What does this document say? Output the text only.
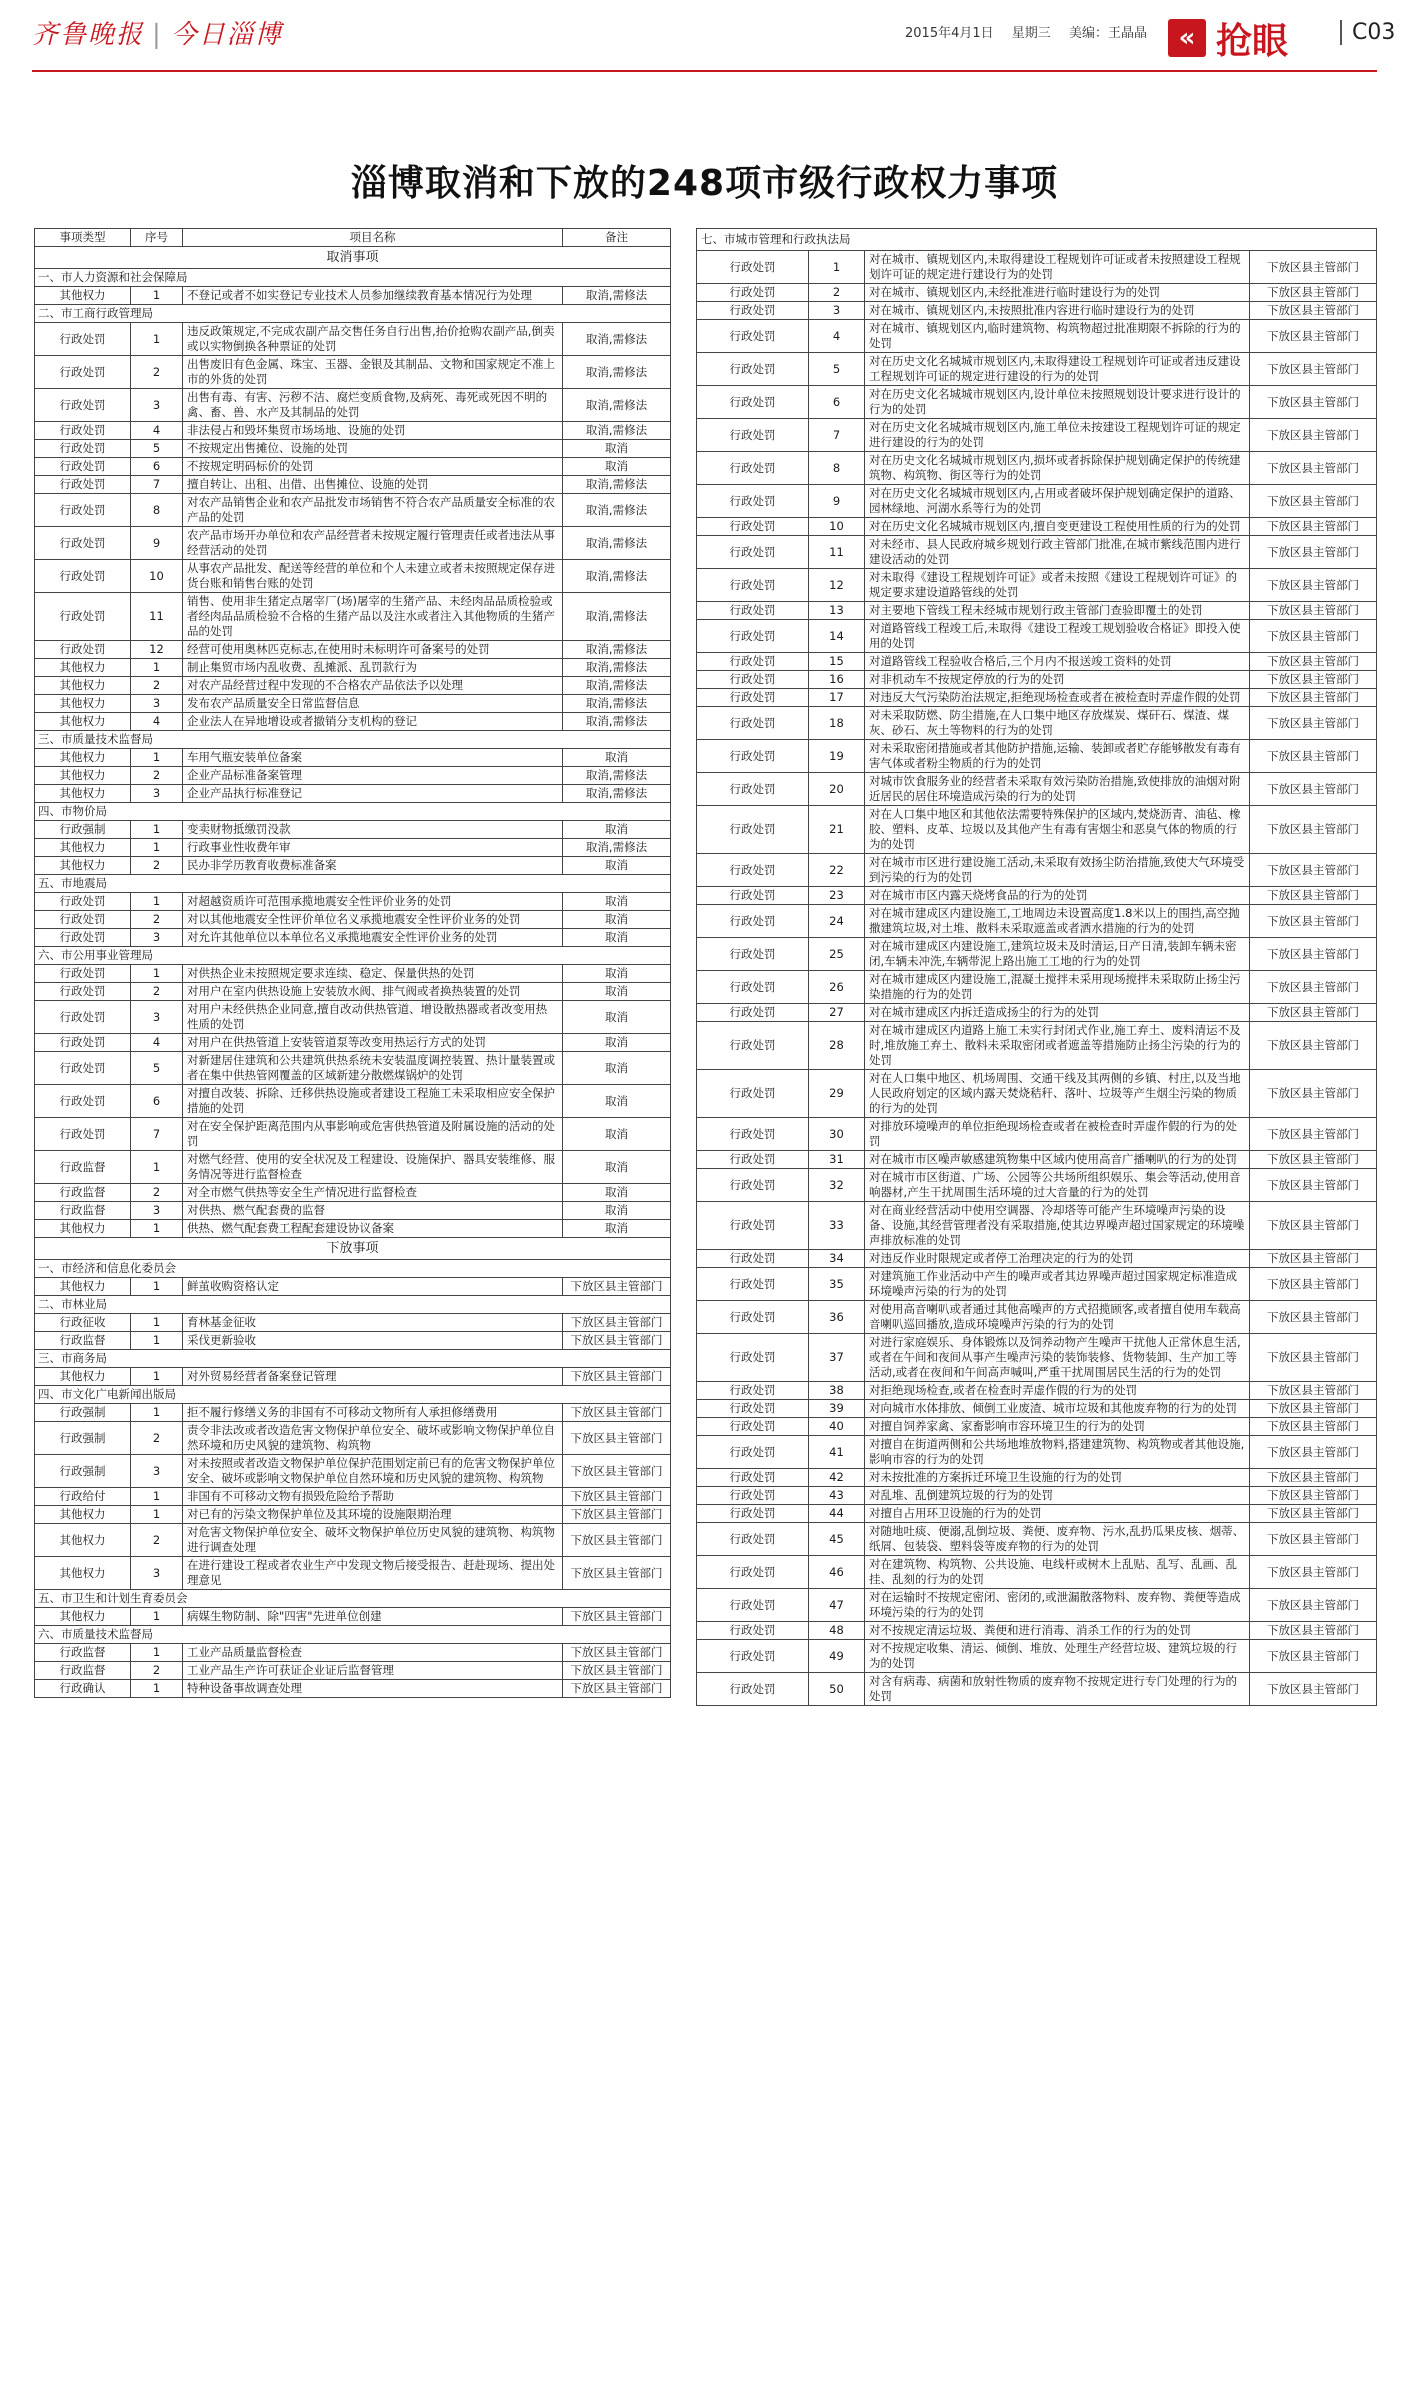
齐鲁晚报 | 今日淄博	2015年4月1日 星期三 美编：王晶晶	« 抢眼	C03
淄博取消和下放的248项市级行政权力事项
事项类型	序号	项目名称	备注
取消事项			
一、市人力资源和社会保障局			
其他权力	1	不登记或者不如实登记专业技术人员参加继续教育基本情况行为处理	取消,需修法
二、市工商行政管理局			
行政处罚	1	违反政策规定,不完成农副产品交售任务自行出售,抬价抢购农副产品,倒卖或以实物倒换各种票证的处罚	取消,需修法
行政处罚	2	出售废旧有色金属、珠宝、玉器、金银及其制品、文物和国家规定不准上市的外货的处罚	取消,需修法
行政处罚	3	出售有毒、有害、污秽不洁、腐烂变质食物,及病死、毒死或死因不明的禽、畜、兽、水产及其制品的处罚	取消,需修法
行政处罚	4	非法侵占和毁坏集贸市场场地、设施的处罚	取消,需修法
行政处罚	5	不按规定出售摊位、设施的处罚	取消
行政处罚	6	不按规定明码标价的处罚	取消
行政处罚	7	擅自转让、出租、出借、出售摊位、设施的处罚	取消,需修法
行政处罚	8	对农产品销售企业和农产品批发市场销售不符合农产品质量安全标准的农产品的处罚	取消,需修法
行政处罚	9	农产品市场开办单位和农产品经营者未按规定履行管理责任或者违法从事经营活动的处罚	取消,需修法
行政处罚	10	从事农产品批发、配送等经营的单位和个人未建立或者未按照规定保存进货台账和销售台账的处罚	取消,需修法
行政处罚	11	销售、使用非生猪定点屠宰厂(场)屠宰的生猪产品、未经肉品品质检验或者经肉品品质检验不合格的生猪产品以及注水或者注入其他物质的生猪产品的处罚	取消,需修法
行政处罚	12	经营可使用奥林匹克标志,在使用时未标明许可备案号的处罚	取消,需修法
其他权力	1	制止集贸市场内乱收费、乱摊派、乱罚款行为	取消,需修法
其他权力	2	对农产品经营过程中发现的不合格农产品依法予以处理	取消,需修法
其他权力	3	发布农产品质量安全日常监督信息	取消,需修法
其他权力	4	企业法人在异地增设或者撤销分支机构的登记	取消,需修法
三、市质量技术监督局			
其他权力	1	车用气瓶安装单位备案	取消
其他权力	2	企业产品标准备案管理	取消,需修法
其他权力	3	企业产品执行标准登记	取消,需修法
四、市物价局			
行政强制	1	变卖财物抵缴罚没款	取消
其他权力	1	行政事业性收费年审	取消,需修法
其他权力	2	民办非学历教育收费标准备案	取消
五、市地震局			
行政处罚	1	对超越资质许可范围承揽地震安全性评价业务的处罚	取消
行政处罚	2	对以其他地震安全性评价单位名义承揽地震安全性评价业务的处罚	取消
行政处罚	3	对允许其他单位以本单位名义承揽地震安全性评价业务的处罚	取消
六、市公用事业管理局			
行政处罚	1	对供热企业未按照规定要求连续、稳定、保量供热的处罚	取消
行政处罚	2	对用户在室内供热设施上安装放水阀、排气阀或者换热装置的处罚	取消
行政处罚	3	对用户未经供热企业同意,擅自改动供热管道、增设散热器或者改变用热性质的处罚	取消
行政处罚	4	对用户在供热管道上安装管道泵等改变用热运行方式的处罚	取消
行政处罚	5	对新建居住建筑和公共建筑供热系统未安装温度调控装置、热计量装置或者在集中供热管网覆盖的区域新建分散燃煤锅炉的处罚	取消
行政处罚	6	对擅自改装、拆除、迁移供热设施或者建设工程施工未采取相应安全保护措施的处罚	取消
行政处罚	7	对在安全保护距离范围内从事影响或危害供热管道及附属设施的活动的处罚	取消
行政监督	1	对燃气经营、使用的安全状况及工程建设、设施保护、器具安装维修、服务情况等进行监督检查	取消
行政监督	2	对全市燃气供热等安全生产情况进行监督检查	取消
行政监督	3	对供热、燃气配套费的监督	取消
其他权力	1	供热、燃气配套费工程配套建设协议备案	取消
下放事项			
一、市经济和信息化委员会			
其他权力	1	鲜茧收购资格认定	下放区县主管部门
二、市林业局			
行政征收	1	育林基金征收	下放区县主管部门
行政监督	1	采伐更新验收	下放区县主管部门
三、市商务局			
其他权力	1	对外贸易经营者备案登记管理	下放区县主管部门
四、市文化广电新闻出版局			
行政强制	1	拒不履行修缮义务的非国有不可移动文物所有人承担修缮费用	下放区县主管部门
行政强制	2	责令非法改或者改造危害文物保护单位安全、破坏或影响文物保护单位自然环境和历史风貌的建筑物、构筑物	下放区县主管部门
行政强制	3	对未按照或者改造文物保护单位保护范围划定前已有的危害文物保护单位安全、破坏或影响文物保护单位自然环境和历史风貌的建筑物、构筑物	下放区县主管部门
行政给付	1	非国有不可移动文物有损毁危险给予帮助	下放区县主管部门
其他权力	1	对已有的污染文物保护单位及其环境的设施限期治理	下放区县主管部门
其他权力	2	对危害文物保护单位安全、破坏文物保护单位历史风貌的建筑物、构筑物进行调查处理	下放区县主管部门
其他权力	3	在进行建设工程或者农业生产中发现文物后接受报告、赶赴现场、提出处理意见	下放区县主管部门
五、市卫生和计划生育委员会			
其他权力	1	病媒生物防制、除"四害"先进单位创建	下放区县主管部门
六、市质量技术监督局			
行政监督	1	工业产品质量监督检查	下放区县主管部门
行政监督	2	工业产品生产许可获证企业证后监督管理	下放区县主管部门
行政确认	1	特种设备事故调查处理	下放区县主管部门
七、市城市管理和行政执法局			
行政处罚	1	对在城市、镇规划区内,未取得建设工程规划许可证或者未按照建设工程规划许可证的规定进行建设行为的处罚	下放区县主管部门
行政处罚	2	对在城市、镇规划区内,未经批准进行临时建设行为的处罚	下放区县主管部门
行政处罚	3	对在城市、镇规划区内,未按照批准内容进行临时建设行为的处罚	下放区县主管部门
行政处罚	4	对在城市、镇规划区内,临时建筑物、构筑物超过批准期限不拆除的行为的处罚	下放区县主管部门
行政处罚	5	对在历史文化名城城市规划区内,未取得建设工程规划许可证或者违反建设工程规划许可证的规定进行建设的行为的处罚	下放区县主管部门
行政处罚	6	对在历史文化名城城市规划区内,设计单位未按照规划设计要求进行设计的行为的处罚	下放区县主管部门
行政处罚	7	对在历史文化名城城市规划区内,施工单位未按建设工程规划许可证的规定进行建设的行为的处罚	下放区县主管部门
行政处罚	8	对在历史文化名城城市规划区内,损坏或者拆除保护规划确定保护的传统建筑物、构筑物、街区等行为的处罚	下放区县主管部门
行政处罚	9	对在历史文化名城城市规划区内,占用或者破坏保护规划确定保护的道路、园林绿地、河湖水系等行为的处罚	下放区县主管部门
行政处罚	10	对在历史文化名城城市规划区内,擅自变更建设工程使用性质的行为的处罚	下放区县主管部门
行政处罚	11	对未经市、县人民政府城乡规划行政主管部门批准,在城市紫线范围内进行建设活动的处罚	下放区县主管部门
行政处罚	12	对未取得《建设工程规划许可证》或者未按照《建设工程规划许可证》的规定要求建设道路管线的处罚	下放区县主管部门
行政处罚	13	对主要地下管线工程未经城市规划行政主管部门查验即覆土的处罚	下放区县主管部门
行政处罚	14	对道路管线工程竣工后,未取得《建设工程竣工规划验收合格证》即投入使用的处罚	下放区县主管部门
行政处罚	15	对道路管线工程验收合格后,三个月内不报送竣工资料的处罚	下放区县主管部门
行政处罚	16	对非机动车不按规定停放的行为的处罚	下放区县主管部门
行政处罚	17	对违反大气污染防治法规定,拒绝现场检查或者在被检查时弄虚作假的处罚	下放区县主管部门
行政处罚	18	对未采取防燃、防尘措施,在人口集中地区存放煤炭、煤矸石、煤渣、煤灰、砂石、灰土等物料的行为的处罚	下放区县主管部门
行政处罚	19	对未采取密闭措施或者其他防护措施,运输、装卸或者贮存能够散发有毒有害气体或者粉尘物质的行为的处罚	下放区县主管部门
行政处罚	20	对城市饮食服务业的经营者未采取有效污染防治措施,致使排放的油烟对附近居民的居住环境造成污染的行为的处罚	下放区县主管部门
行政处罚	21	对在人口集中地区和其他依法需要特殊保护的区域内,焚烧沥青、油毡、橡胶、塑料、皮革、垃圾以及其他产生有毒有害烟尘和恶臭气体的物质的行为的处罚	下放区县主管部门
行政处罚	22	对在城市市区进行建设施工活动,未采取有效扬尘防治措施,致使大气环境受到污染的行为的处罚	下放区县主管部门
行政处罚	23	对在城市市区内露天烧烤食品的行为的处罚	下放区县主管部门
行政处罚	24	对在城市建成区内建设施工,工地周边未设置高度1.8米以上的围挡,高空抛撒建筑垃圾,对土堆、散料未采取遮盖或者洒水措施的行为的处罚	下放区县主管部门
行政处罚	25	对在城市建成区内建设施工,建筑垃圾未及时清运,日产日清,装卸车辆未密闭,车辆未冲洗,车辆带泥上路出施工工地的行为的处罚	下放区县主管部门
行政处罚	26	对在城市建成区内建设施工,混凝土搅拌未采用现场搅拌未采取防止扬尘污染措施的行为的处罚	下放区县主管部门
行政处罚	27	对在城市建成区内拆迁造成扬尘的行为的处罚	下放区县主管部门
行政处罚	28	对在城市建成区内道路上施工未实行封闭式作业,施工弃土、废料清运不及时,堆放施工弃土、散料未采取密闭或者遮盖等措施防止扬尘污染的行为的处罚	下放区县主管部门
行政处罚	29	对在人口集中地区、机场周围、交通干线及其两侧的乡镇、村庄,以及当地人民政府划定的区域内露天焚烧秸秆、落叶、垃圾等产生烟尘污染的物质的行为的处罚	下放区县主管部门
行政处罚	30	对排放环境噪声的单位拒绝现场检查或者在被检查时弄虚作假的行为的处罚	下放区县主管部门
行政处罚	31	对在城市市区噪声敏感建筑物集中区域内使用高音广播喇叭的行为的处罚	下放区县主管部门
行政处罚	32	对在城市市区街道、广场、公园等公共场所组织娱乐、集会等活动,使用音响器材,产生干扰周围生活环境的过大音量的行为的处罚	下放区县主管部门
行政处罚	33	对在商业经营活动中使用空调器、冷却塔等可能产生环境噪声污染的设备、设施,其经营管理者没有采取措施,使其边界噪声超过国家规定的环境噪声排放标准的处罚	下放区县主管部门
行政处罚	34	对违反作业时限规定或者停工治理决定的行为的处罚	下放区县主管部门
行政处罚	35	对建筑施工作业活动中产生的噪声或者其边界噪声超过国家规定标准造成环境噪声污染的行为的处罚	下放区县主管部门
行政处罚	36	对使用高音喇叭或者通过其他高噪声的方式招揽顾客,或者擅自使用车载高音喇叭巡回播放,造成环境噪声污染的行为的处罚	下放区县主管部门
行政处罚	37	对进行家庭娱乐、身体锻炼以及饲养动物产生噪声干扰他人正常休息生活,或者在午间和夜间从事产生噪声污染的装饰装修、货物装卸、生产加工等活动,或者在夜间和午间高声喊叫,严重干扰周围居民生活的行为的处罚	下放区县主管部门
行政处罚	38	对拒绝现场检查,或者在检查时弄虚作假的行为的处罚	下放区县主管部门
行政处罚	39	对向城市水体排放、倾倒工业废渣、城市垃圾和其他废弃物的行为的处罚	下放区县主管部门
行政处罚	40	对擅自饲养家禽、家畜影响市容环境卫生的行为的处罚	下放区县主管部门
行政处罚	41	对擅自在街道两侧和公共场地堆放物料,搭建建筑物、构筑物或者其他设施,影响市容的行为的处罚	下放区县主管部门
行政处罚	42	对未按批准的方案拆迁环境卫生设施的行为的处罚	下放区县主管部门
行政处罚	43	对乱堆、乱倒建筑垃圾的行为的处罚	下放区县主管部门
行政处罚	44	对擅自占用环卫设施的行为的处罚	下放区县主管部门
行政处罚	45	对随地吐痰、便溺,乱倒垃圾、粪便、废弃物、污水,乱扔瓜果皮核、烟蒂、纸屑、包装袋、塑料袋等废弃物的行为的处罚	下放区县主管部门
行政处罚	46	对在建筑物、构筑物、公共设施、电线杆或树木上乱贴、乱写、乱画、乱挂、乱刻的行为的处罚	下放区县主管部门
行政处罚	47	对在运输时不按规定密闭、密闭的,或泄漏散落物料、废弃物、粪便等造成环境污染的行为的处罚	下放区县主管部门
行政处罚	48	对不按规定清运垃圾、粪便和进行消毒、消杀工作的行为的处罚	下放区县主管部门
行政处罚	49	对不按规定收集、清运、倾倒、堆放、处理生产经营垃圾、建筑垃圾的行为的处罚	下放区县主管部门
行政处罚	50	对含有病毒、病菌和放射性物质的废弃物不按规定进行专门处理的行为的处罚	下放区县主管部门
